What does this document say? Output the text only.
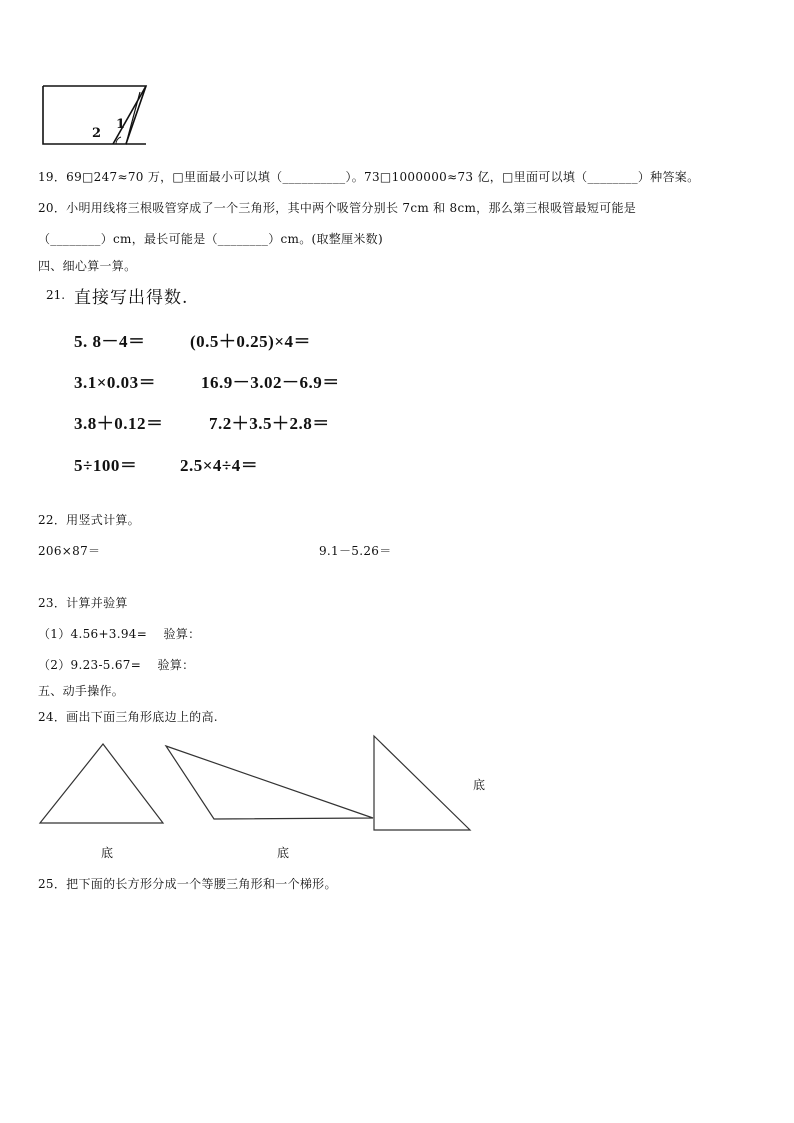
2
1
19．69□247≈70 万，□里面最小可以填（__________）。73□1000000≈73 亿，□里面可以填（________）种答案。
20．小明用线将三根吸管穿成了一个三角形，其中两个吸管分别长 7cm 和 8cm，那么第三根吸管最短可能是
（________）cm，最长可能是（________）cm。(取整厘米数)
四、细心算一算。
21. 直接写出得数.
5. 8－4＝	(0.5＋0.25)×4＝
3.1×0.03＝	16.9－3.02－6.9＝
3.8＋0.12＝	7.2＋3.5＋2.8＝
5÷100＝	2.5×4÷4＝
22．用竖式计算。
206×87＝	9.1－5.26＝
23．计算并验算
（1）4.56+3.94=    验算：
（2）9.23-5.67=    验算：
五、动手操作。
24．画出下面三角形底边上的高.
底	底
底
25．把下面的长方形分成一个等腰三角形和一个梯形。
